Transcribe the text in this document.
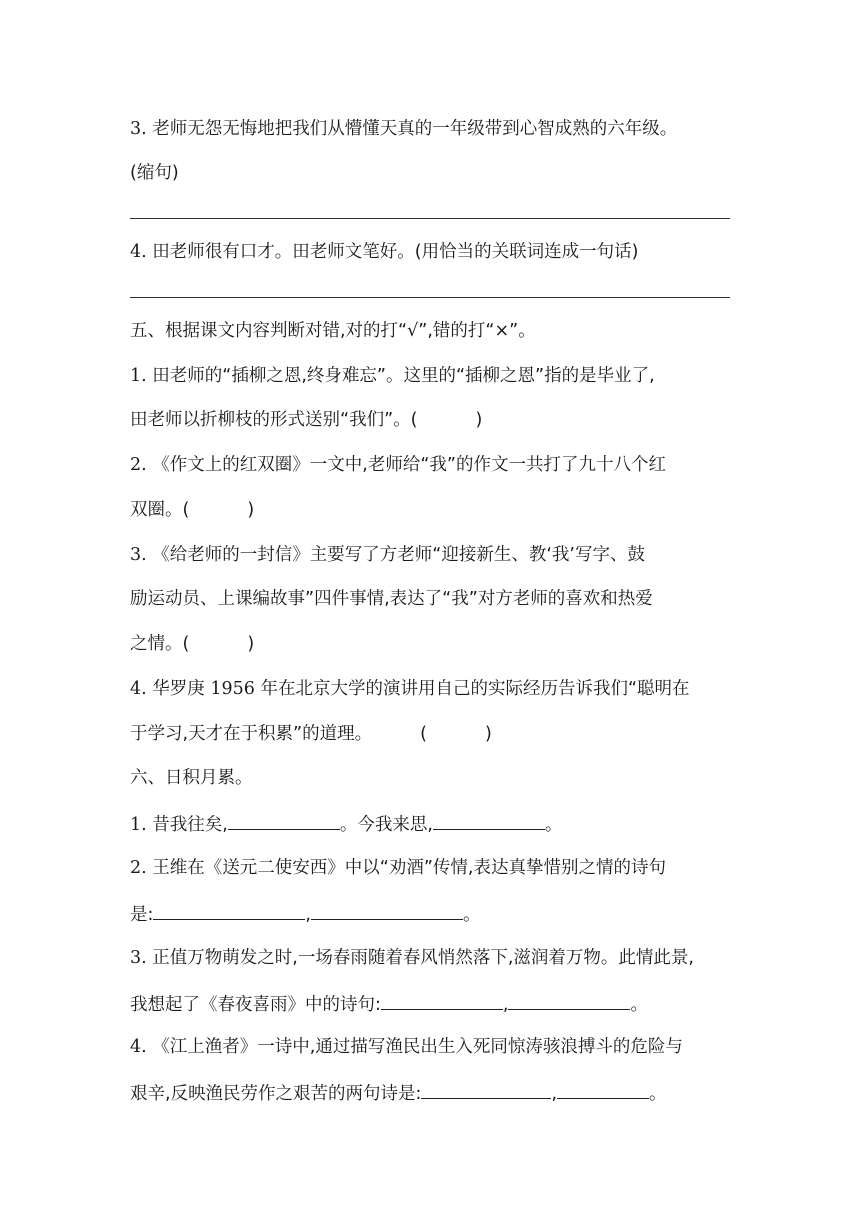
3. 老师无怨无悔地把我们从懵懂天真的一年级带到心智成熟的六年级。
(缩句)
4. 田老师很有口才。田老师文笔好。(用恰当的关联词连成一句话)
五、根据课文内容判断对错,对的打“√”,错的打“×”。
1. 田老师的“插柳之恩,终身难忘”。这里的“插柳之恩”指的是毕业了,
田老师以折柳枝的形式送别“我们”。(	)
2. 《作文上的红双圈》一文中,老师给“我”的作文一共打了九十八个红
双圈。(	)
3. 《给老师的一封信》主要写了方老师“迎接新生、教‘我’写字、鼓
励运动员、上课编故事”四件事情,表达了“我”对方老师的喜欢和热爱
之情。(	)
4. 华罗庚 1956 年在北京大学的演讲用自己的实际经历告诉我们“聪明在
于学习,天才在于积累”的道理。	(	)
六、日积月累。
1. 昔我往矣,	。今我来思,	。
2. 王维在《送元二使安西》中以“劝酒”传情,表达真挚惜别之情的诗句
是:	,	。
3. 正值万物萌发之时,一场春雨随着春风悄然落下,滋润着万物。此情此景,
我想起了《春夜喜雨》中的诗句:	,	。
4. 《江上渔者》一诗中,通过描写渔民出生入死同惊涛骇浪搏斗的危险与
艰辛,反映渔民劳作之艰苦的两句诗是:	,	。
